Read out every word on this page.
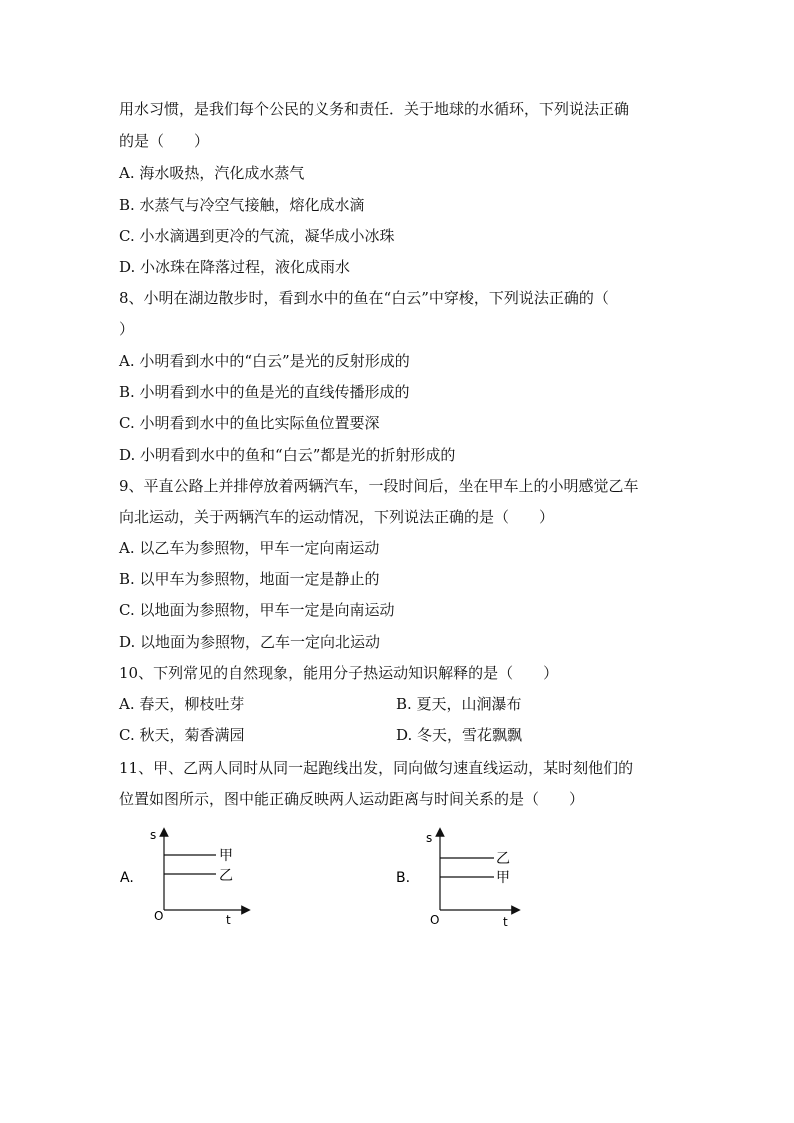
用水习惯，是我们每个公民的义务和责任．关于地球的水循环，下列说法正确
的是（　　）
A. 海水吸热，汽化成水蒸气
B. 水蒸气与冷空气接触，熔化成水滴
C. 小水滴遇到更冷的气流，凝华成小冰珠
D. 小冰珠在降落过程，液化成雨水
8、小明在湖边散步时，看到水中的鱼在“白云”中穿梭，下列说法正确的（
）
A. 小明看到水中的“白云”是光的反射形成的
B. 小明看到水中的鱼是光的直线传播形成的
C. 小明看到水中的鱼比实际鱼位置要深
D. 小明看到水中的鱼和“白云”都是光的折射形成的
9、平直公路上并排停放着两辆汽车，一段时间后，坐在甲车上的小明感觉乙车
向北运动，关于两辆汽车的运动情况，下列说法正确的是（　　）
A. 以乙车为参照物，甲车一定向南运动
B. 以甲车为参照物，地面一定是静止的
C. 以地面为参照物，甲车一定是向南运动
D. 以地面为参照物，乙车一定向北运动
10、下列常见的自然现象，能用分子热运动知识解释的是（　　）
A. 春天，柳枝吐芽	B. 夏天，山涧瀑布
C. 秋天，菊香满园	D. 冬天，雪花飘飘
11、甲、乙两人同时从同一起跑线出发，同向做匀速直线运动，某时刻他们的
位置如图所示，图中能正确反映两人运动距离与时间关系的是（　　）
A.
s
t
O
甲
乙	B.
s
t
O
乙
甲
